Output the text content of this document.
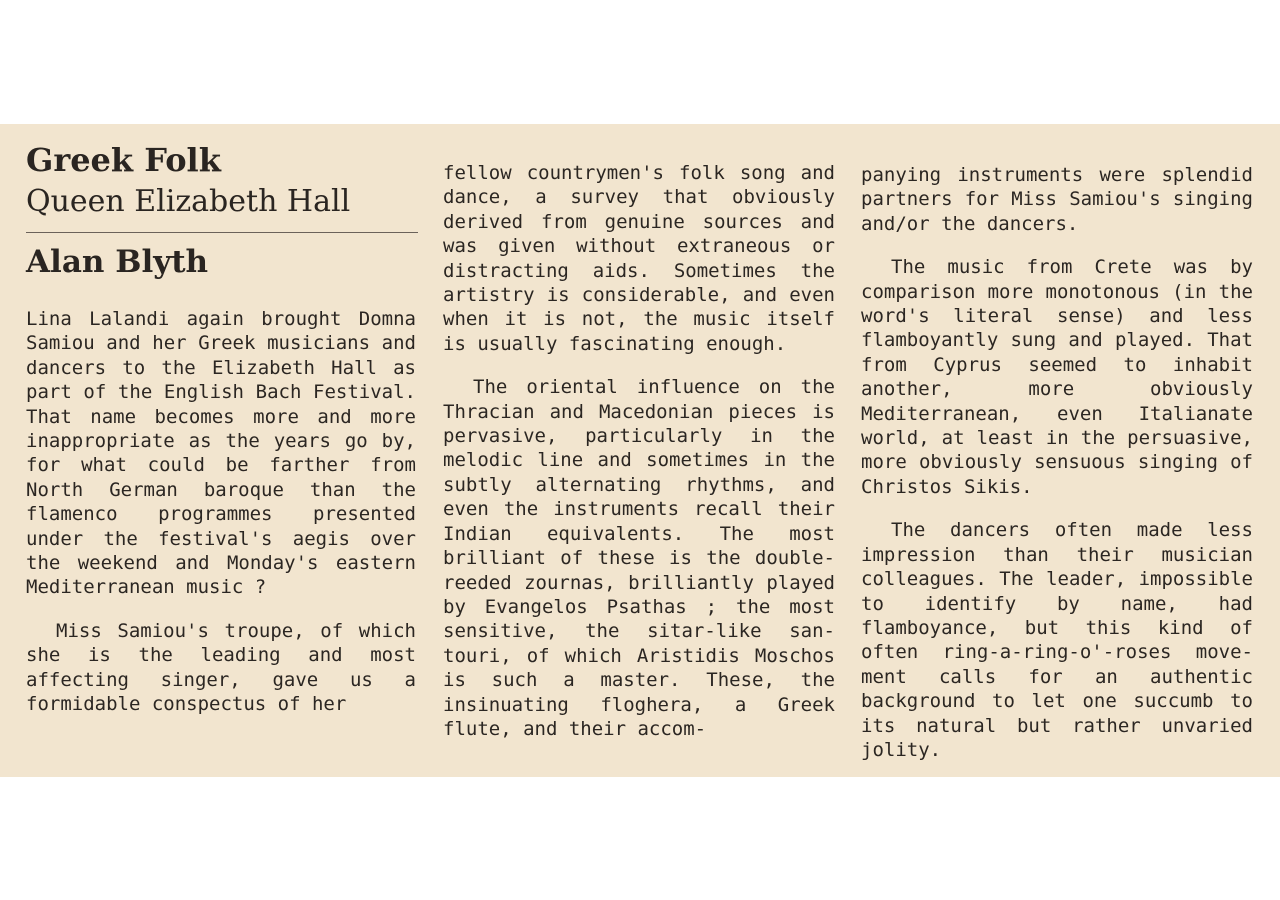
Greek Folk
Queen Elizabeth Hall
Alan Blyth

Lina Lalandi again brought Domna Samiou and her Greek musicians and dancers to the Elizabeth Hall as part of the English Bach Festival. That name becomes more and more inappropriate as the years go by, for what could be farther from North German baroque than the flamenco programmes presented under the festival's aegis over the weekend and Monday's eastern Mediterranean music ?

Miss Samiou's troupe, of which she is the leading and most affecting singer, gave us a formidable conspectus of her

fellow countrymen's folk song and dance, a survey that obviously derived from genuine sources and was given without extraneous or distracting aids. Sometimes the artistry is considerable, and even when it is not, the music itself is usually fascinating enough.

The oriental influence on the Thracian and Macedonian pieces is pervasive, particularly in the melodic line and sometimes in the subtly alternating rhythms, and even the instruments recall their Indian equivalents. The most brilliant of these is the double-reeded zournas, brilliantly played by Evangelos Psathas ; the most sensitive, the sitar-like santouri, of which Aristidis Moschos is such a master. These, the insinuating floghera, a Greek flute, and their accom-

panying instruments were splendid partners for Miss Samiou's singing and/or the dancers.

The music from Crete was by comparison more monotonous (in the word's literal sense) and less flamboyantly sung and played. That from Cyprus seemed to inhabit another, more obviously Mediterranean, even Italianate world, at least in the persuasive, more obviously sensuous singing of Christos Sikis.

The dancers often made less impression than their musician colleagues. The leader, impossible to identify by name, had flamboyance, but this kind of often ring-a-ring-o'-roses movement calls for an authentic background to let one succumb to its natural but rather unvaried jolity.
